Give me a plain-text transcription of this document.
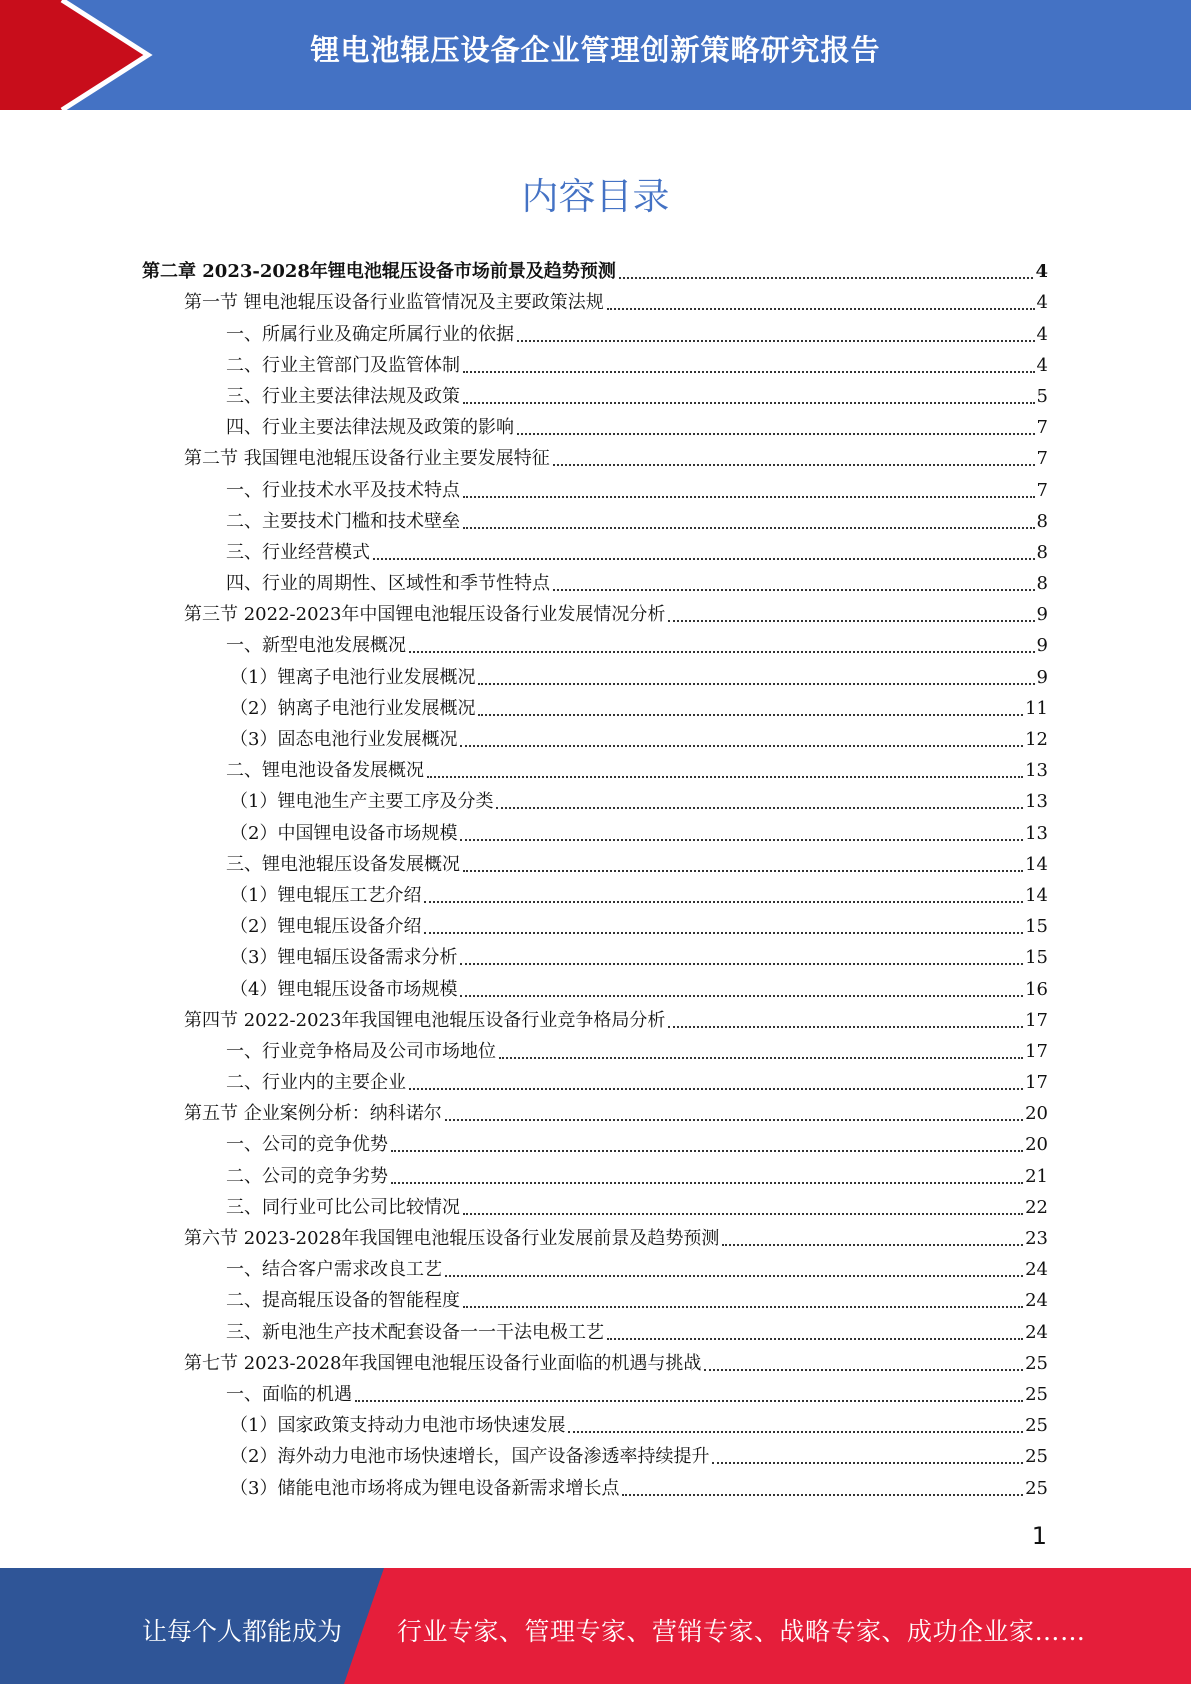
锂电池辊压设备企业管理创新策略研究报告
内容目录
第二章 2023-2028年锂电池辊压设备市场前景及趋势预测	4
第一节 锂电池辊压设备行业监管情况及主要政策法规	4
一、所属行业及确定所属行业的依据	4
二、行业主管部门及监管体制	4
三、行业主要法律法规及政策	5
四、行业主要法律法规及政策的影响	7
第二节 我国锂电池辊压设备行业主要发展特征	7
一、行业技术水平及技术特点	7
二、主要技术门槛和技术壁垒	8
三、行业经营模式	8
四、行业的周期性、区域性和季节性特点	8
第三节 2022-2023年中国锂电池辊压设备行业发展情况分析	9
一、新型电池发展概况	9
（1）锂离子电池行业发展概况	9
（2）钠离子电池行业发展概况	11
（3）固态电池行业发展概况	12
二、锂电池设备发展概况	13
（1）锂电池生产主要工序及分类	13
（2）中国锂电设备市场规模	13
三、锂电池辊压设备发展概况	14
（1）锂电辊压工艺介绍	14
（2）锂电辊压设备介绍	15
（3）锂电辐压设备需求分析	15
（4）锂电辊压设备市场规模	16
第四节 2022-2023年我国锂电池辊压设备行业竞争格局分析	17
一、行业竞争格局及公司市场地位	17
二、行业内的主要企业	17
第五节 企业案例分析：纳科诺尔	20
一、公司的竞争优势	20
二、公司的竞争劣势	21
三、同行业可比公司比较情况	22
第六节 2023-2028年我国锂电池辊压设备行业发展前景及趋势预测	23
一、结合客户需求改良工艺	24
二、提高辊压设备的智能程度	24
三、新电池生产技术配套设备一一干法电极工艺	24
第七节 2023-2028年我国锂电池辊压设备行业面临的机遇与挑战	25
一、面临的机遇	25
（1）国家政策支持动力电池市场快速发展	25
（2）海外动力电池市场快速增长，国产设备渗透率持续提升	25
（3）储能电池市场将成为锂电设备新需求增长点	25
1
让每个人都能成为 行业专家、管理专家、营销专家、战略专家、成功企业家……
